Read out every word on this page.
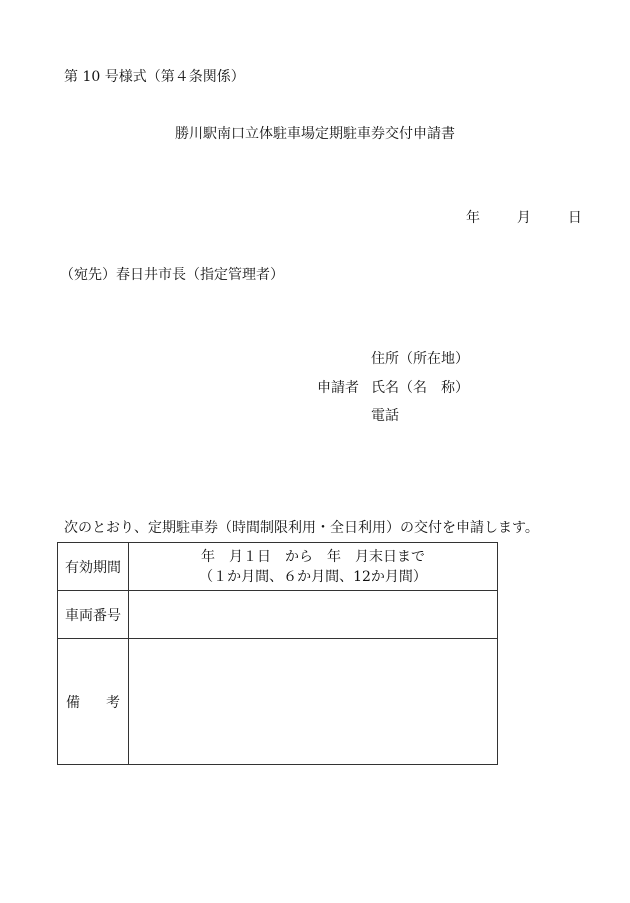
第 10 号様式（第４条関係）
勝川駅南口立体駐車場定期駐車券交付申請書
年	月	日
（宛先）春日井市長（指定管理者）
住所（所在地）
申請者 氏名（名　称）
電話
次のとおり、定期駐車券（時間制限利用・全日利用）の交付を申請します。
有効期間	年　月１日　から　年　月末日まで
（１か月間、６か月間、12か月間）

車両番号	

備 考	
